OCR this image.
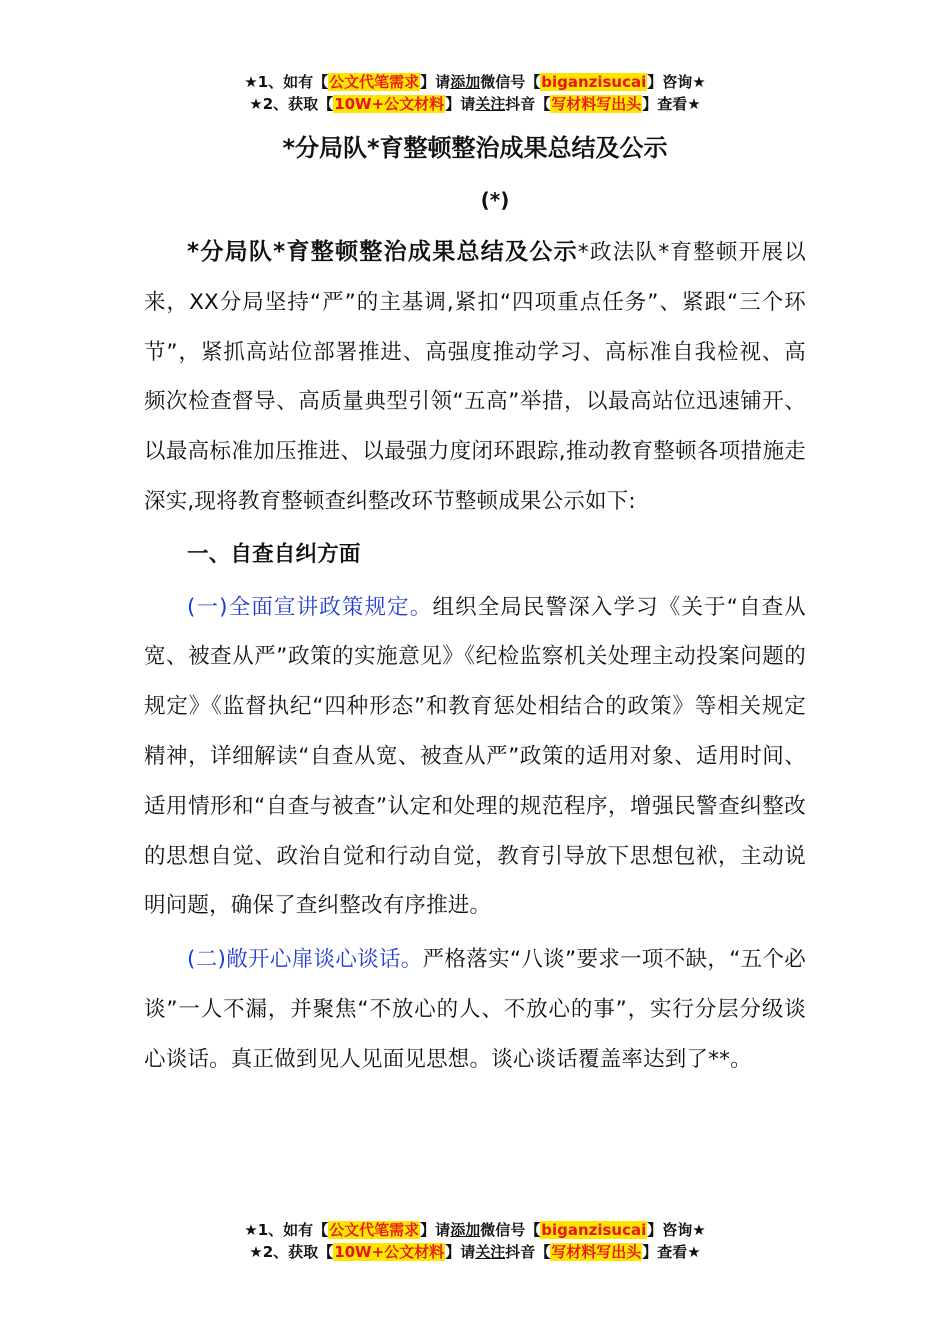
★1、如有【公文代笔需求】请添加微信号【biganzisucai】咨询★
★2、获取【10W+公文材料】请关注抖音【写材料写出头】查看★
*分局队*育整顿整治成果总结及公示
(*)

*分局队*育整顿整治成果总结及公示*政法队*育整顿开展以来，XX分局坚持“严”的主基调,紧扣“四项重点任务”、紧跟“三个环节”，紧抓高站位部署推进、高强度推动学习、高标准自我检视、高频次检查督导、高质量典型引领“五高”举措，以最高站位迅速铺开、以最高标准加压推进、以最强力度闭环跟踪,推动教育整顿各项措施走深实,现将教育整顿查纠整改环节整顿成果公示如下:

一、自查自纠方面

(一)全面宣讲政策规定。组织全局民警深入学习《关于“自查从宽、被查从严”政策的实施意见》《纪检监察机关处理主动投案问题的规定》《监督执纪“四种形态”和教育惩处相结合的政策》等相关规定精神，详细解读“自查从宽、被查从严”政策的适用对象、适用时间、适用情形和“自查与被查”认定和处理的规范程序，增强民警查纠整改的思想自觉、政治自觉和行动自觉，教育引导放下思想包袱，主动说明问题，确保了查纠整改有序推进。

(二)敞开心扉谈心谈话。严格落实“八谈”要求一项不缺，“五个必谈”一人不漏，并聚焦“不放心的人、不放心的事”，实行分层分级谈心谈话。真正做到见人见面见思想。谈心谈话覆盖率达到了**。

★1、如有【公文代笔需求】请添加微信号【biganzisucai】咨询★
★2、获取【10W+公文材料】请关注抖音【写材料写出头】查看★
